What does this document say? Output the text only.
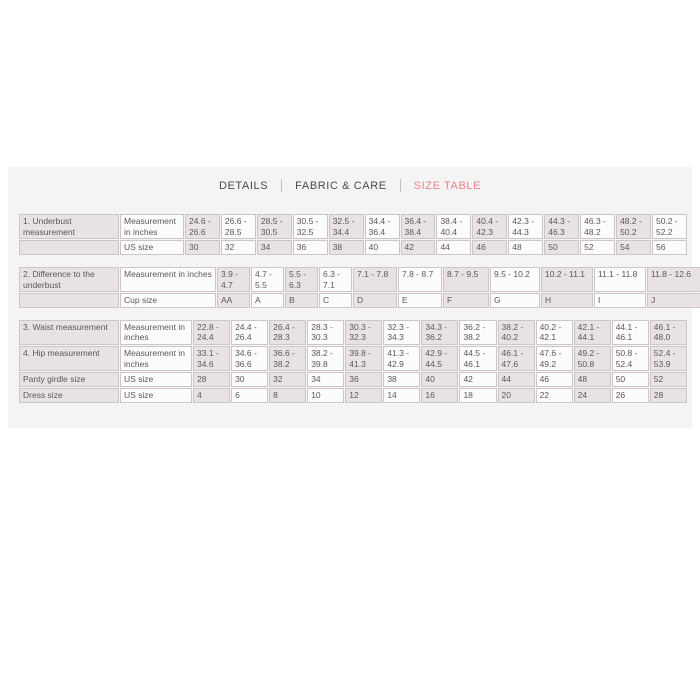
DETAILS	FABRIC & CARE	SIZE TABLE
1. Underbust measurement	Measurement in inches	24.6 - 26.6	26.6 - 28.5	28.5 - 30.5	30.5 - 32.5	32.5 - 34.4	34.4 - 36.4	36.4 - 38.4	38.4 - 40.4	40.4 - 42.3	42.3 - 44.3	44.3 - 46.3	46.3 - 48.2	48.2 - 50.2	50.2 - 52.2
	US size	30	32	34	36	38	40	42	44	46	48	50	52	54	56
2. Difference to the underbust	Measurement in inches	3.9 - 4.7	4.7 - 5.5	5.5 - 6.3	6.3 - 7.1	7.1 - 7.8	7.8 - 8.7	8.7 - 9.5	9.5 - 10.2	10.2 - 11.1	11.1 - 11.8	11.8 - 12.6
	Cup size	AA	A	B	C	D	E	F	G	H	I	J
3. Waist measurement	Measurement in inches	22.8 - 24.4	24.4 - 26.4	26.4 - 28.3	28.3 - 30.3	30.3 - 32.3	32.3 - 34.3	34.3 - 36.2	36.2 - 38.2	38.2 - 40.2	40.2 - 42.1	42.1 - 44.1	44.1 - 46.1	46.1 - 48.0
4. Hip measurement	Measurement in inches	33.1 - 34.6	34.6 - 36.6	36.6 - 38.2	38.2 - 39.8	39.8 - 41.3	41.3 - 42.9	42.9 - 44.5	44.5 - 46.1	46.1 - 47.6	47.6 - 49.2	49.2 - 50.8	50.8 - 52.4	52.4 - 53.9
Panty girdle size	US size	28	30	32	34	36	38	40	42	44	46	48	50	52
Dress size	US size	4	6	8	10	12	14	16	18	20	22	24	26	28
